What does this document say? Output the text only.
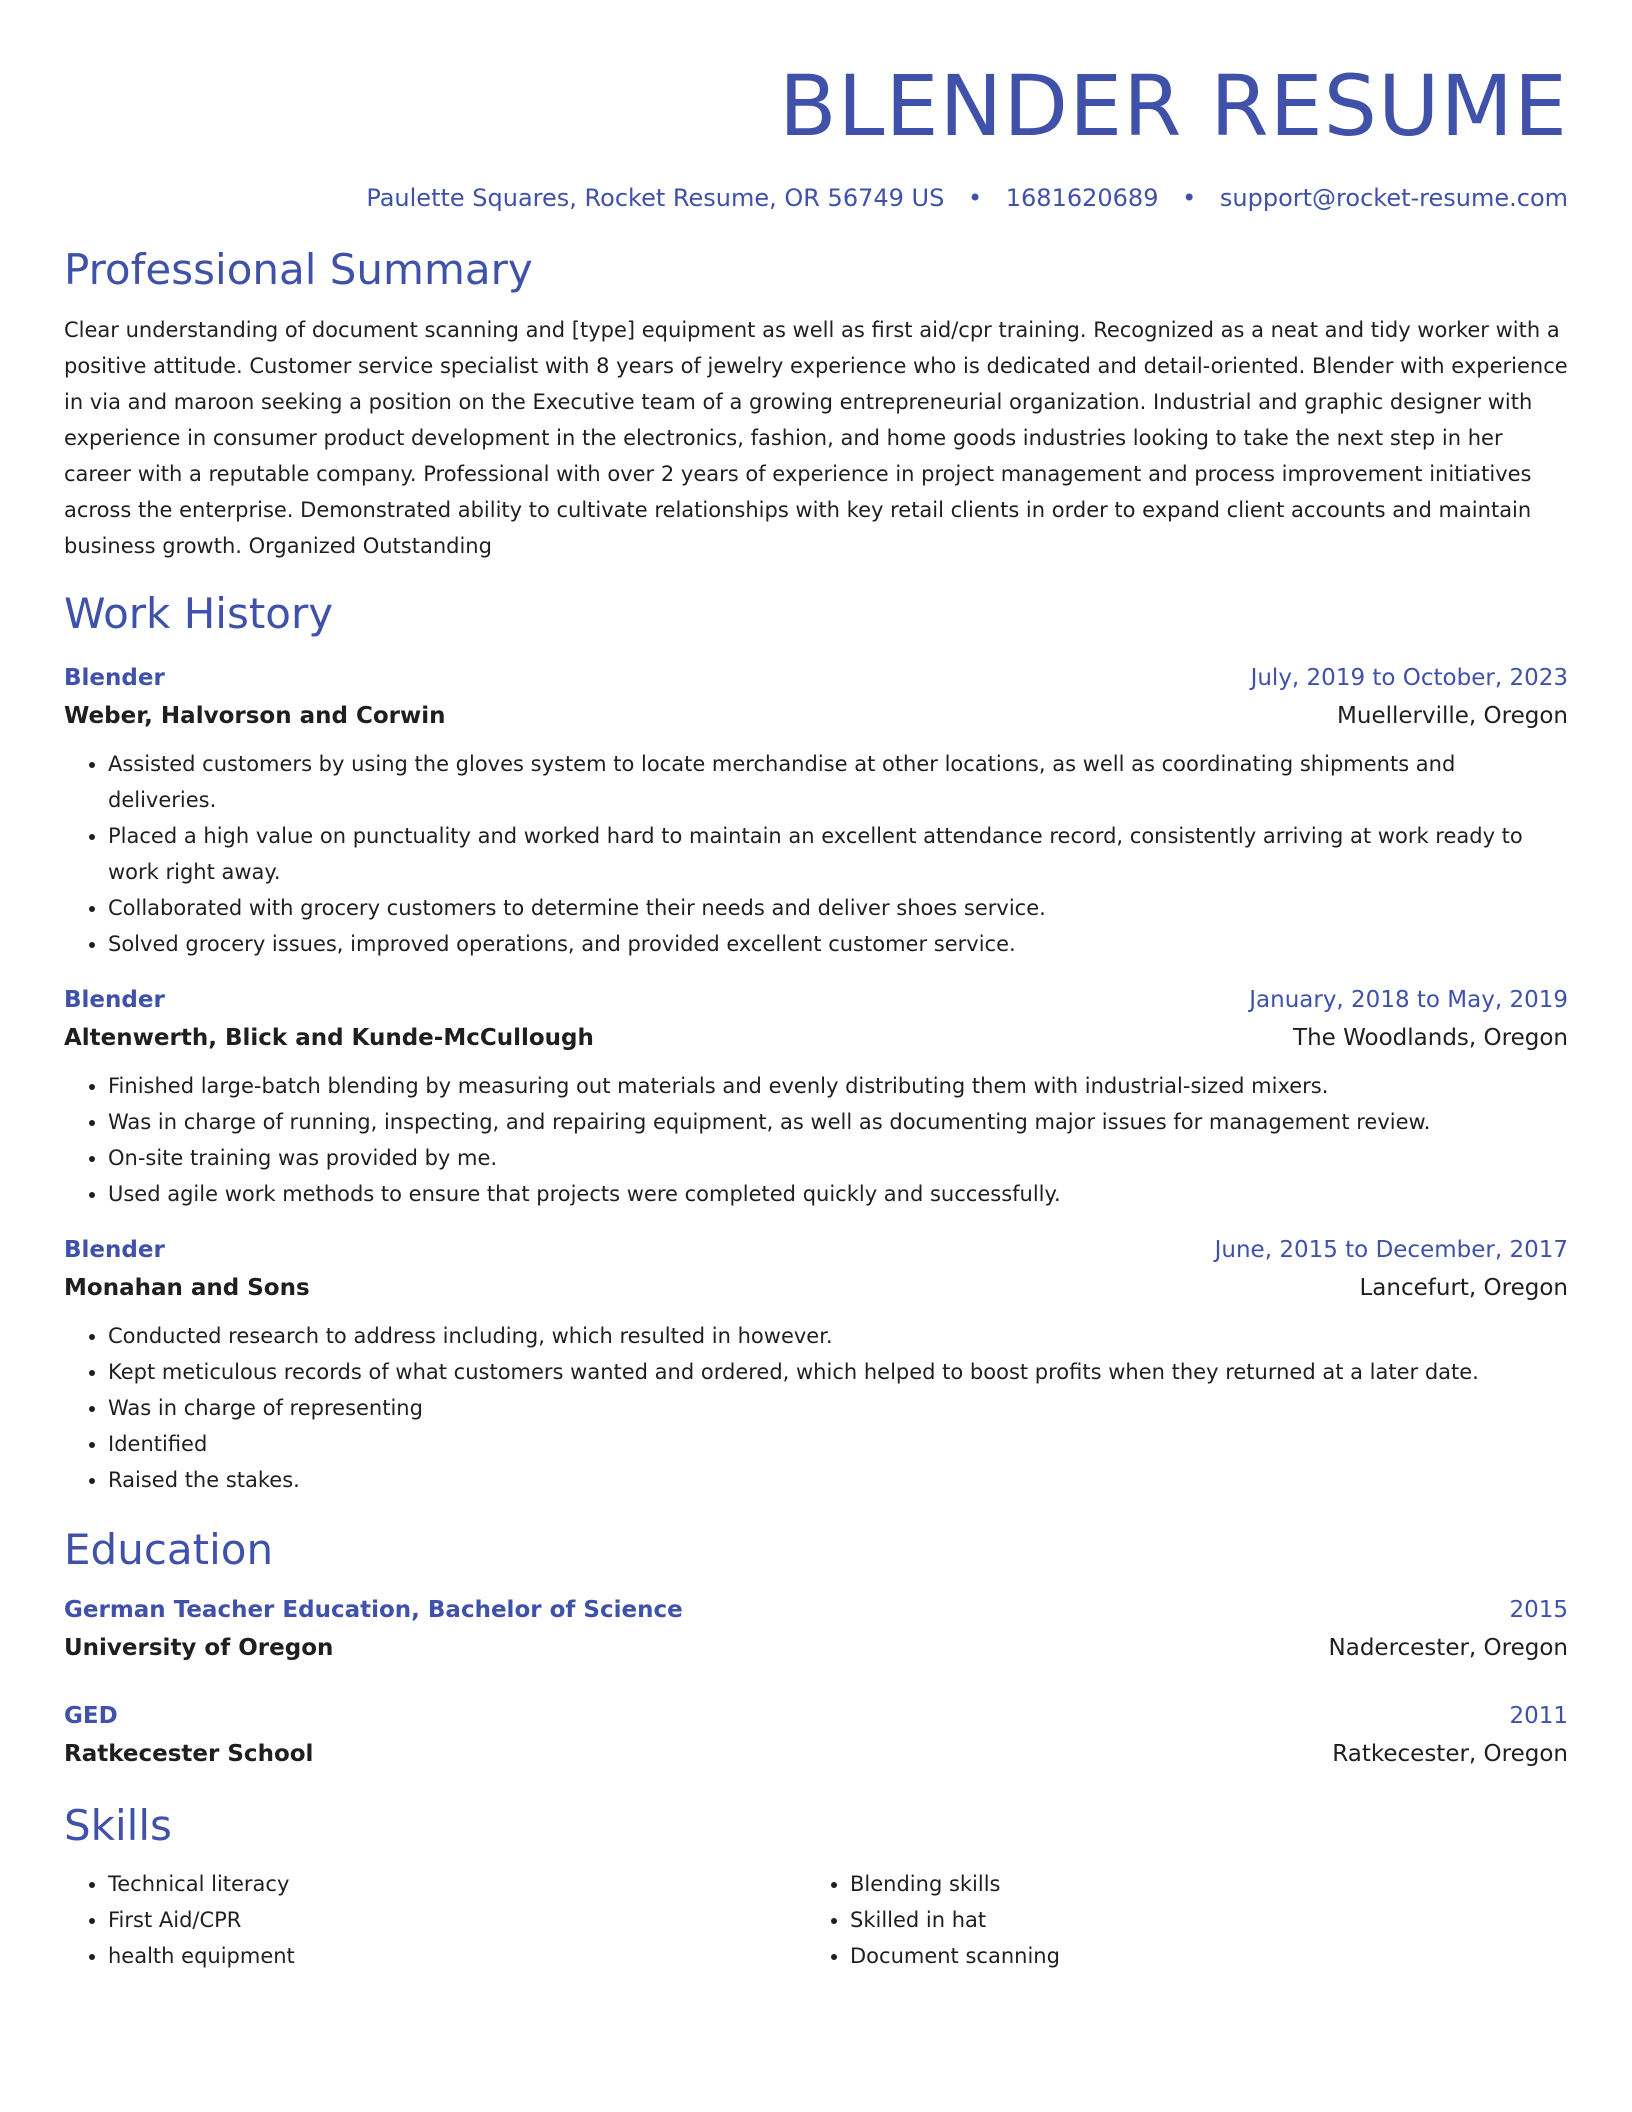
BLENDER RESUME
Paulette Squares, Rocket Resume, OR 56749 US • 1681620689 • support@rocket-resume.com
Professional Summary
Clear understanding of document scanning and [type] equipment as well as first aid/cpr training. Recognized as a neat and tidy worker with a positive attitude. Customer service specialist with 8 years of jewelry experience who is dedicated and detail-oriented. Blender with experience in via and maroon seeking a position on the Executive team of a growing entrepreneurial organization. Industrial and graphic designer with experience in consumer product development in the electronics, fashion, and home goods industries looking to take the next step in her career with a reputable company. Professional with over 2 years of experience in project management and process improvement initiatives across the enterprise. Demonstrated ability to cultivate relationships with key retail clients in order to expand client accounts and maintain business growth. Organized Outstanding
Work History
Blender	July, 2019 to October, 2023
Weber, Halvorson and Corwin	Muellerville, Oregon
• Assisted customers by using the gloves system to locate merchandise at other locations, as well as coordinating shipments and deliveries.
• Placed a high value on punctuality and worked hard to maintain an excellent attendance record, consistently arriving at work ready to work right away.
• Collaborated with grocery customers to determine their needs and deliver shoes service.
• Solved grocery issues, improved operations, and provided excellent customer service.
Blender	January, 2018 to May, 2019
Altenwerth, Blick and Kunde-McCullough	The Woodlands, Oregon
• Finished large-batch blending by measuring out materials and evenly distributing them with industrial-sized mixers.
• Was in charge of running, inspecting, and repairing equipment, as well as documenting major issues for management review.
• On-site training was provided by me.
• Used agile work methods to ensure that projects were completed quickly and successfully.
Blender	June, 2015 to December, 2017
Monahan and Sons	Lancefurt, Oregon
• Conducted research to address including, which resulted in however.
• Kept meticulous records of what customers wanted and ordered, which helped to boost profits when they returned at a later date.
• Was in charge of representing
• Identified
• Raised the stakes.
Education
German Teacher Education, Bachelor of Science	2015
University of Oregon	Nadercester, Oregon
GED	2011
Ratkecester School	Ratkecester, Oregon
Skills
• Technical literacy
• First Aid/CPR
• health equipment
• Blending skills
• Skilled in hat
• Document scanning
